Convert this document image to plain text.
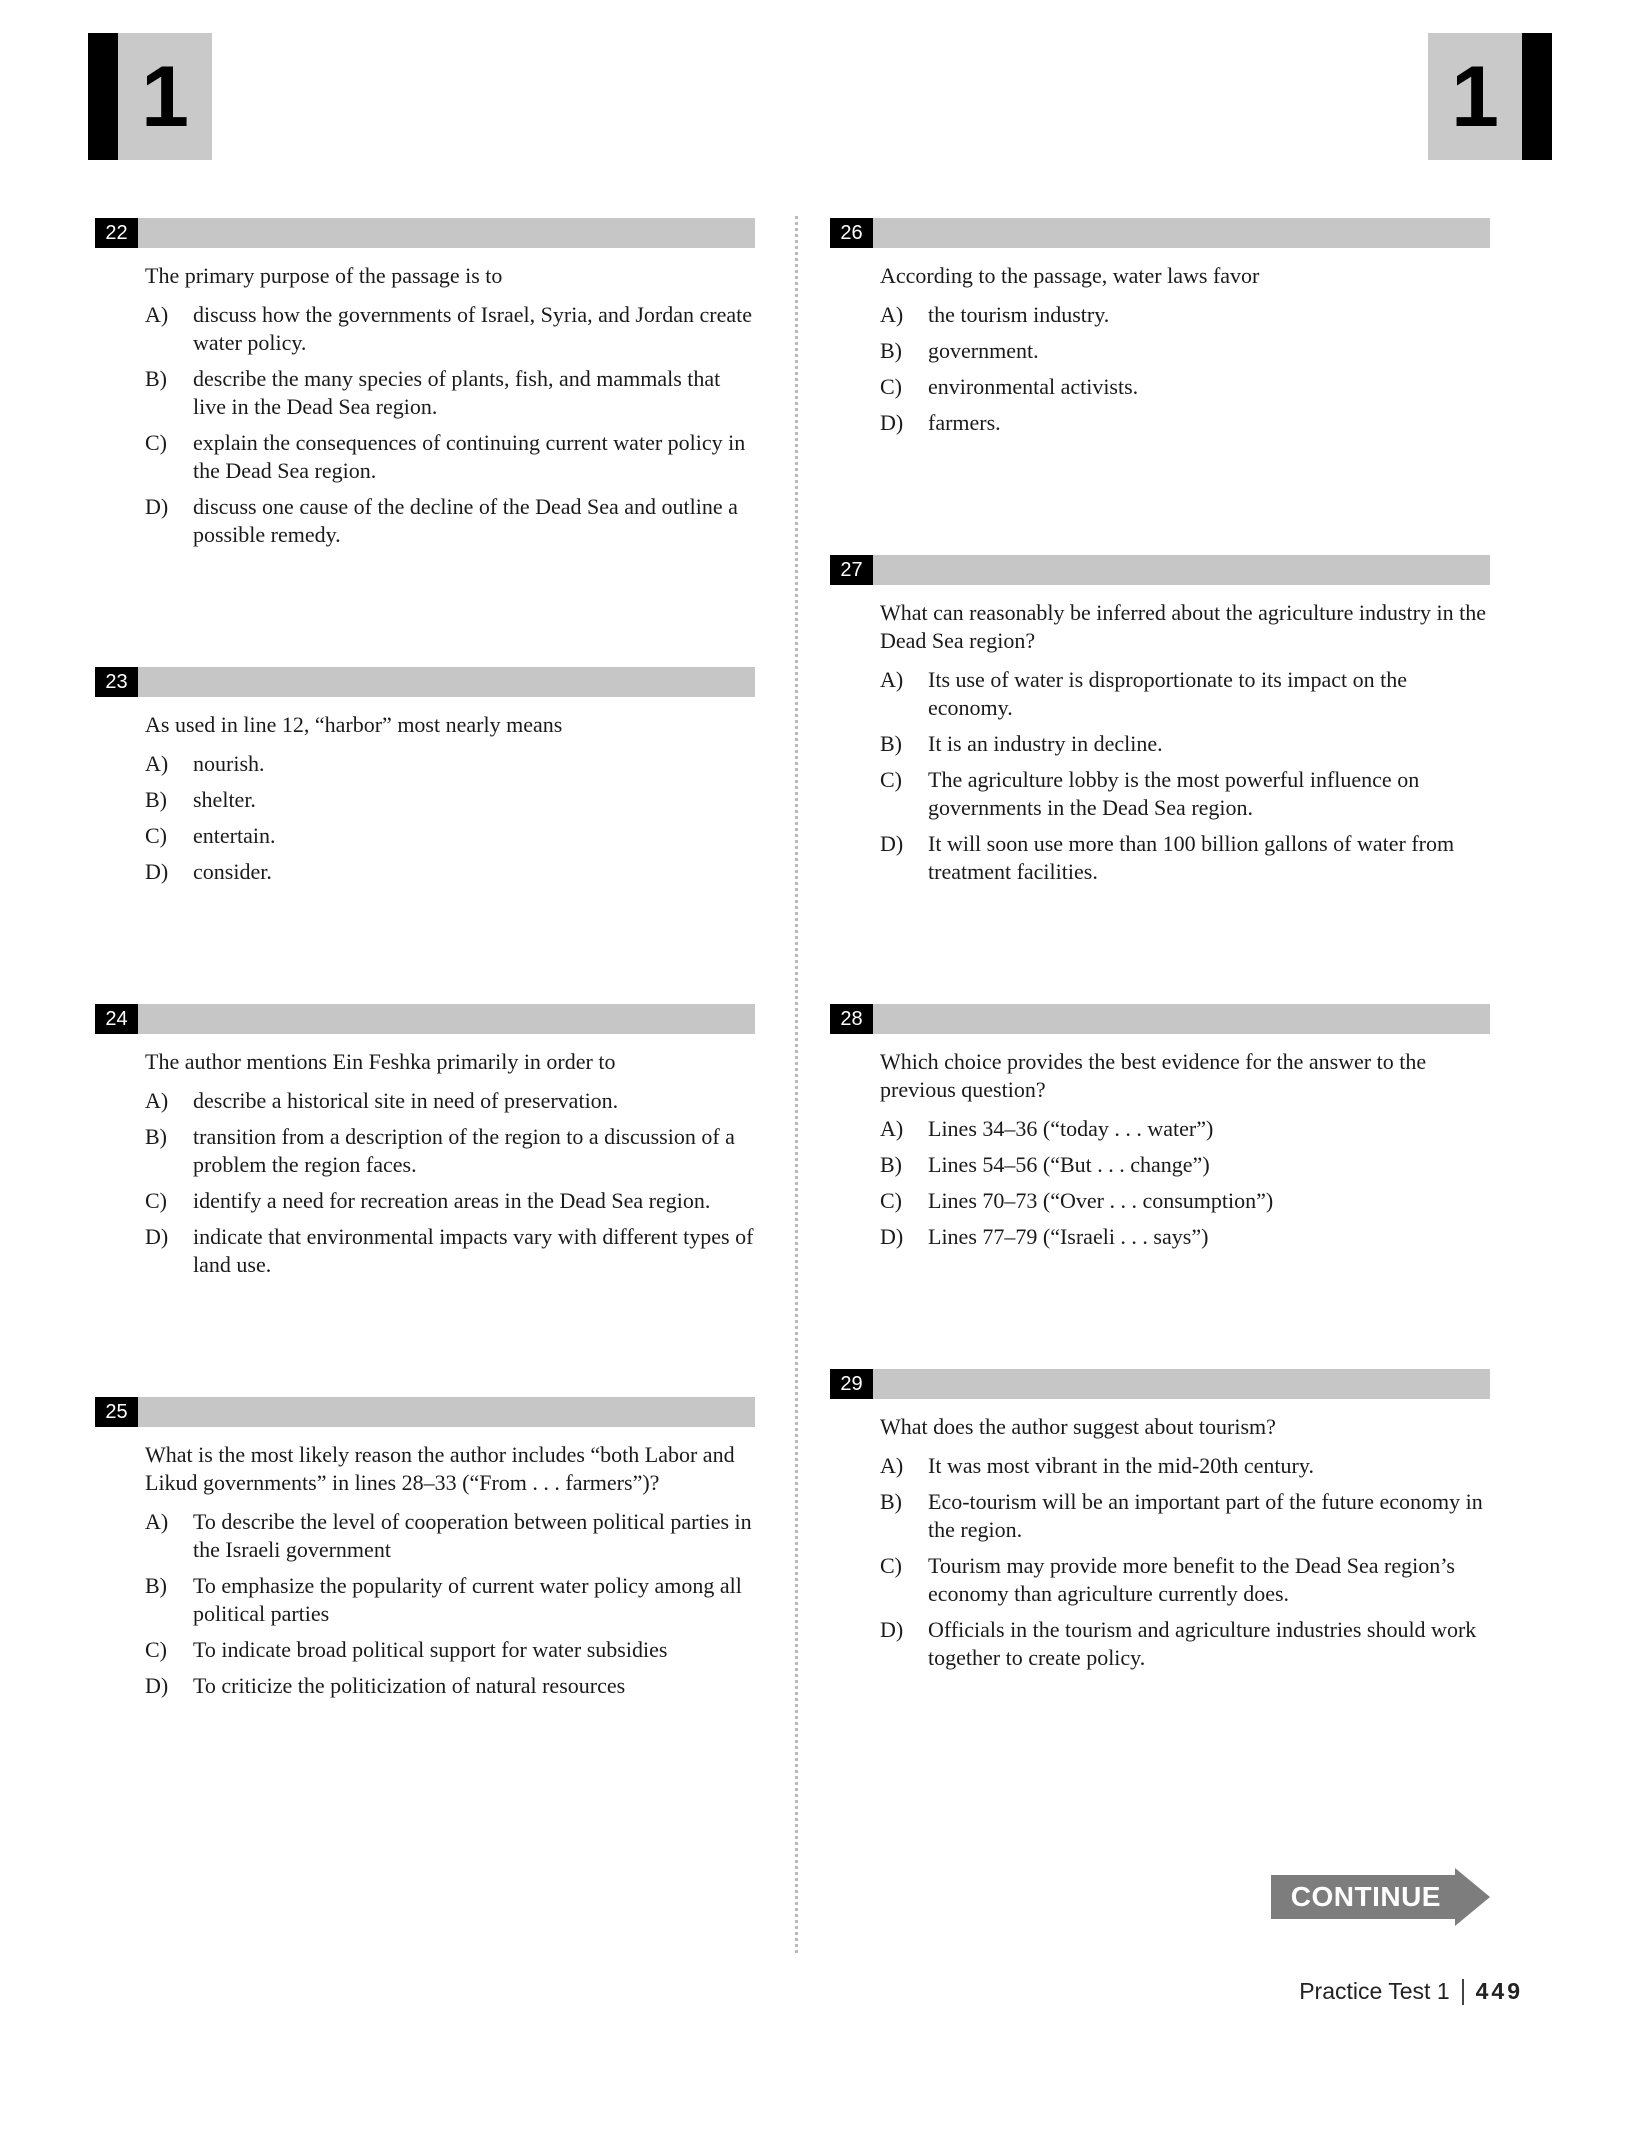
1	1
22

The primary purpose of the passage is to

A)	discuss how the governments of Israel, Syria, and Jordan create water policy.
B)	describe the many species of plants, fish, and mammals that live in the Dead Sea region.
C)	explain the consequences of continuing current water policy in the Dead Sea region.
D)	discuss one cause of the decline of the Dead Sea and outline a possible remedy.
23

As used in line 12, “harbor” most nearly means

A)	nourish.
B)	shelter.
C)	entertain.
D)	consider.
24

The author mentions Ein Feshka primarily in order to

A)	describe a historical site in need of preservation.
B)	transition from a description of the region to a discussion of a problem the region faces.
C)	identify a need for recreation areas in the Dead Sea region.
D)	indicate that environmental impacts vary with different types of land use.
25

What is the most likely reason the author includes “both Labor and Likud governments” in lines 28–33 (“From . . . farmers”)?

A)	To describe the level of cooperation between political parties in the Israeli government
B)	To emphasize the popularity of current water policy among all political parties
C)	To indicate broad political support for water subsidies
D)	To criticize the politicization of natural resources
26

According to the passage, water laws favor

A)	the tourism industry.
B)	government.
C)	environmental activists.
D)	farmers.
27

What can reasonably be inferred about the agriculture industry in the Dead Sea region?

A)	Its use of water is disproportionate to its impact on the economy.
B)	It is an industry in decline.
C)	The agriculture lobby is the most powerful influence on governments in the Dead Sea region.
D)	It will soon use more than 100 billion gallons of water from treatment facilities.
28

Which choice provides the best evidence for the answer to the previous question?

A)	Lines 34–36 (“today . . . water”)
B)	Lines 54–56 (“But . . . change”)
C)	Lines 70–73 (“Over . . . consumption”)
D)	Lines 77–79 (“Israeli . . . says”)
29

What does the author suggest about tourism?

A)	It was most vibrant in the mid-20th century.
B)	Eco-tourism will be an important part of the future economy in the region.
C)	Tourism may provide more benefit to the Dead Sea region’s economy than agriculture currently does.
D)	Officials in the tourism and agriculture industries should work together to create policy.
CONTINUE
Practice Test 1 449
